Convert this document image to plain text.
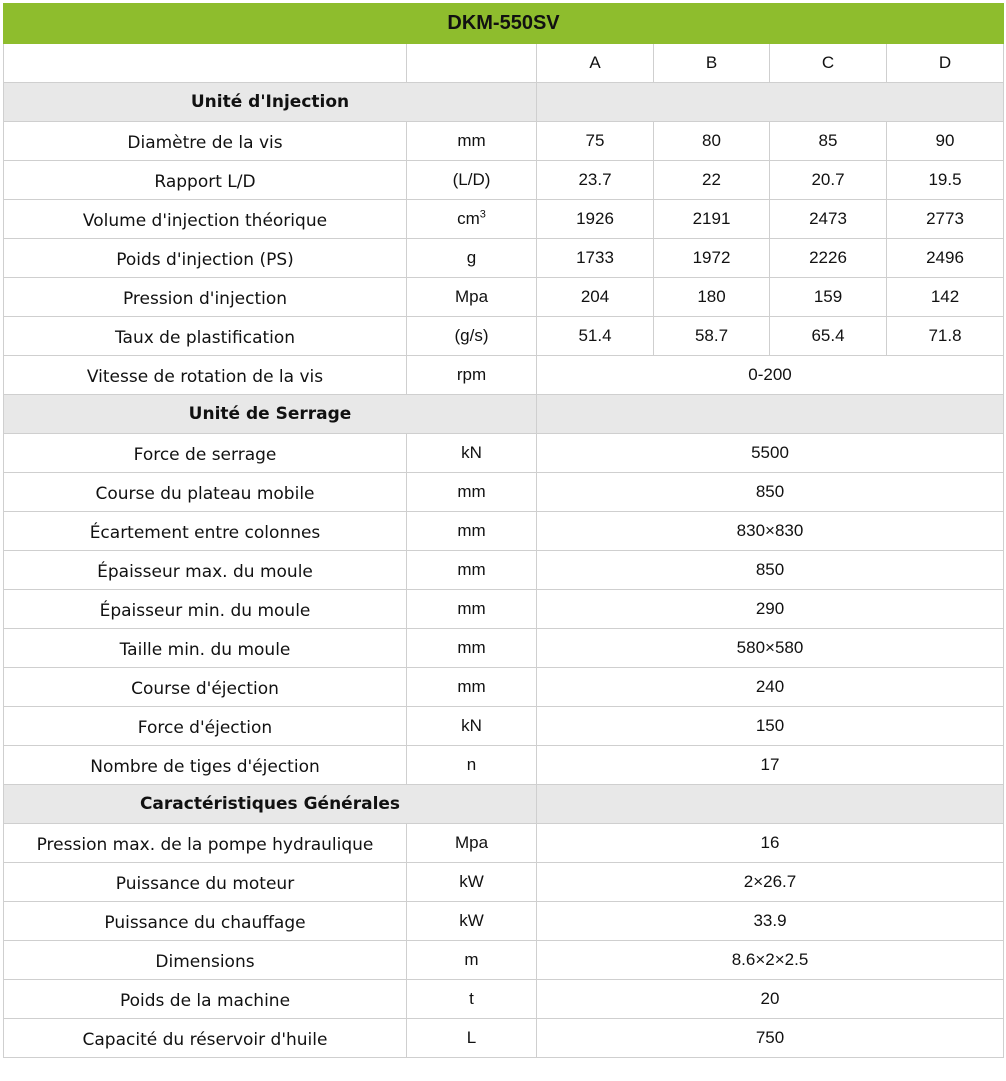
DKM-550SV					
		A	B	C	D
Unité d'Injection					
Diamètre de la vis	mm	75	80	85	90
Rapport L/D	(L/D)	23.7	22	20.7	19.5
Volume d'injection théorique	$cm^3$	1926	2191	2473	2773
Poids d'injection (PS)	g	1733	1972	2226	2496
Pression d'injection	Mpa	204	180	159	142
Taux de plastification	(g/s)	51.4	58.7	65.4	71.8
Vitesse de rotation de la vis	rpm	0-200			
Unité de Serrage					
Force de serrage	kN	5500			
Course du plateau mobile	mm	850			
Écartement entre colonnes	mm	830×830			
Épaisseur max. du moule	mm	850			
Épaisseur min. du moule	mm	290			
Taille min. du moule	mm	580×580			
Course d'éjection	mm	240			
Force d'éjection	kN	150			
Nombre de tiges d'éjection	n	17			
Caractéristiques Générales					
Pression max. de la pompe hydraulique	Mpa	16			
Puissance du moteur	kW	2×26.7			
Puissance du chauffage	kW	33.9			
Dimensions	m	8.6×2×2.5			
Poids de la machine	t	20			
Capacité du réservoir d'huile	L	750			
